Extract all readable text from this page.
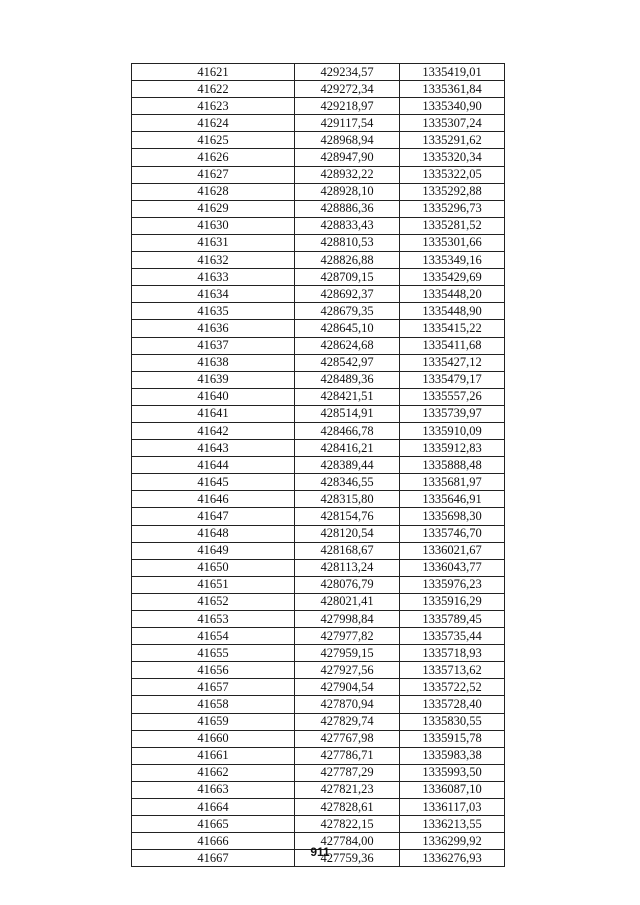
41621	429234,57	1335419,01
41622	429272,34	1335361,84
41623	429218,97	1335340,90
41624	429117,54	1335307,24
41625	428968,94	1335291,62
41626	428947,90	1335320,34
41627	428932,22	1335322,05
41628	428928,10	1335292,88
41629	428886,36	1335296,73
41630	428833,43	1335281,52
41631	428810,53	1335301,66
41632	428826,88	1335349,16
41633	428709,15	1335429,69
41634	428692,37	1335448,20
41635	428679,35	1335448,90
41636	428645,10	1335415,22
41637	428624,68	1335411,68
41638	428542,97	1335427,12
41639	428489,36	1335479,17
41640	428421,51	1335557,26
41641	428514,91	1335739,97
41642	428466,78	1335910,09
41643	428416,21	1335912,83
41644	428389,44	1335888,48
41645	428346,55	1335681,97
41646	428315,80	1335646,91
41647	428154,76	1335698,30
41648	428120,54	1335746,70
41649	428168,67	1336021,67
41650	428113,24	1336043,77
41651	428076,79	1335976,23
41652	428021,41	1335916,29
41653	427998,84	1335789,45
41654	427977,82	1335735,44
41655	427959,15	1335718,93
41656	427927,56	1335713,62
41657	427904,54	1335722,52
41658	427870,94	1335728,40
41659	427829,74	1335830,55
41660	427767,98	1335915,78
41661	427786,71	1335983,38
41662	427787,29	1335993,50
41663	427821,23	1336087,10
41664	427828,61	1336117,03
41665	427822,15	1336213,55
41666	427784,00	1336299,92
41667	427759,36	1336276,93
911
